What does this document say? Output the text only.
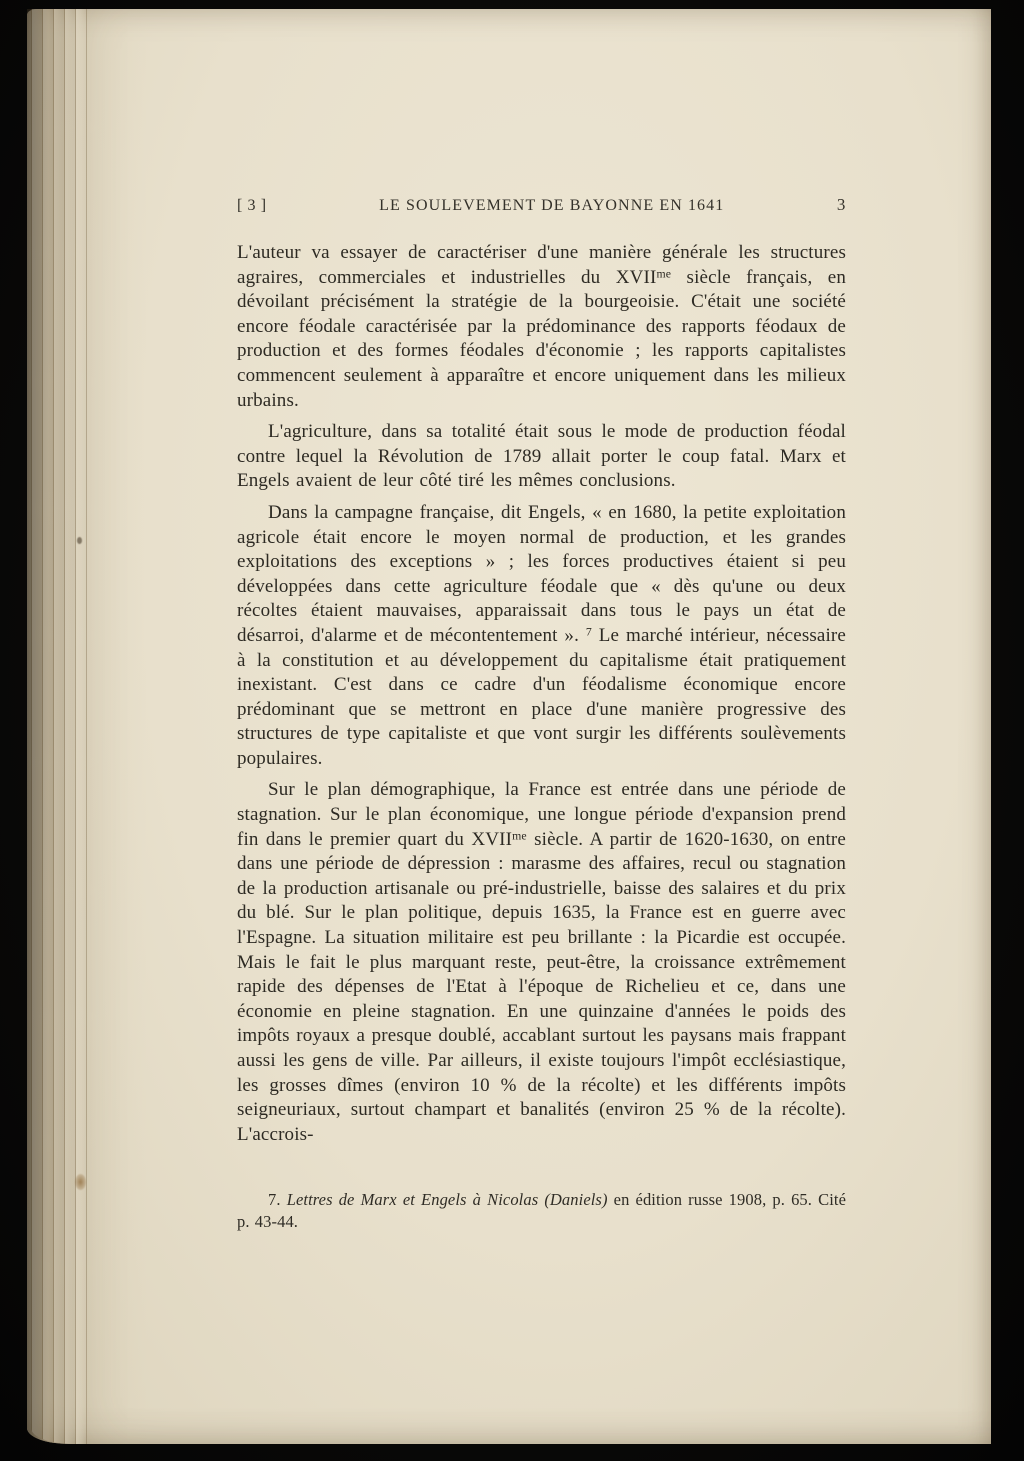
[ 3 ]	LE SOULEVEMENT DE BAYONNE EN 1641	3

L'auteur va essayer de caractériser d'une manière générale les structures agraires, commerciales et industrielles du $XVII^{me}$ siècle français, en dévoilant précisément la stratégie de la bourgeoisie. C'était une société encore féodale caractérisée par la prédominance des rapports féodaux de production et des formes féodales d'économie ; les rapports capitalistes commencent seulement à apparaître et encore uniquement dans les milieux urbains.

L'agriculture, dans sa totalité était sous le mode de production féodal contre lequel la Révolution de 1789 allait porter le coup fatal. Marx et Engels avaient de leur côté tiré les mêmes conclusions.

Dans la campagne française, dit Engels, « en 1680, la petite exploitation agricole était encore le moyen normal de production, et les grandes exploitations des exceptions » ; les forces productives étaient si peu développées dans cette agriculture féodale que « dès qu'une ou deux récoltes étaient mauvaises, apparaissait dans tous le pays un état de désarroi, d'alarme et de mécontentement ». $^7$ Le marché intérieur, nécessaire à la constitution et au développement du capitalisme était pratiquement inexistant. C'est dans ce cadre d'un féodalisme économique encore prédominant que se mettront en place d'une manière progressive des structures de type capitaliste et que vont surgir les différents soulèvements populaires.

Sur le plan démographique, la France est entrée dans une période de stagnation. Sur le plan économique, une longue période d'expansion prend fin dans le premier quart du $XVII^{me}$ siècle. A partir de 1620-1630, on entre dans une période de dépression : marasme des affaires, recul ou stagnation de la production artisanale ou pré-industrielle, baisse des salaires et du prix du blé. Sur le plan politique, depuis 1635, la France est en guerre avec l'Espagne. La situation militaire est peu brillante : la Picardie est occupée. Mais le fait le plus marquant reste, peut-être, la croissance extrêmement rapide des dépenses de l'Etat à l'époque de Richelieu et ce, dans une économie en pleine stagnation. En une quinzaine d'années le poids des impôts royaux a presque doublé, accablant surtout les paysans mais frappant aussi les gens de ville. Par ailleurs, il existe toujours l'impôt ecclésiastique, les grosses dîmes (environ 10 % de la récolte) et les différents impôts seigneuriaux, surtout champart et banalités (environ 25 % de la récolte). L'accrois-

7. Lettres de Marx et Engels à Nicolas (Daniels) en édition russe 1908, p. 65. Cité p. 43-44.
